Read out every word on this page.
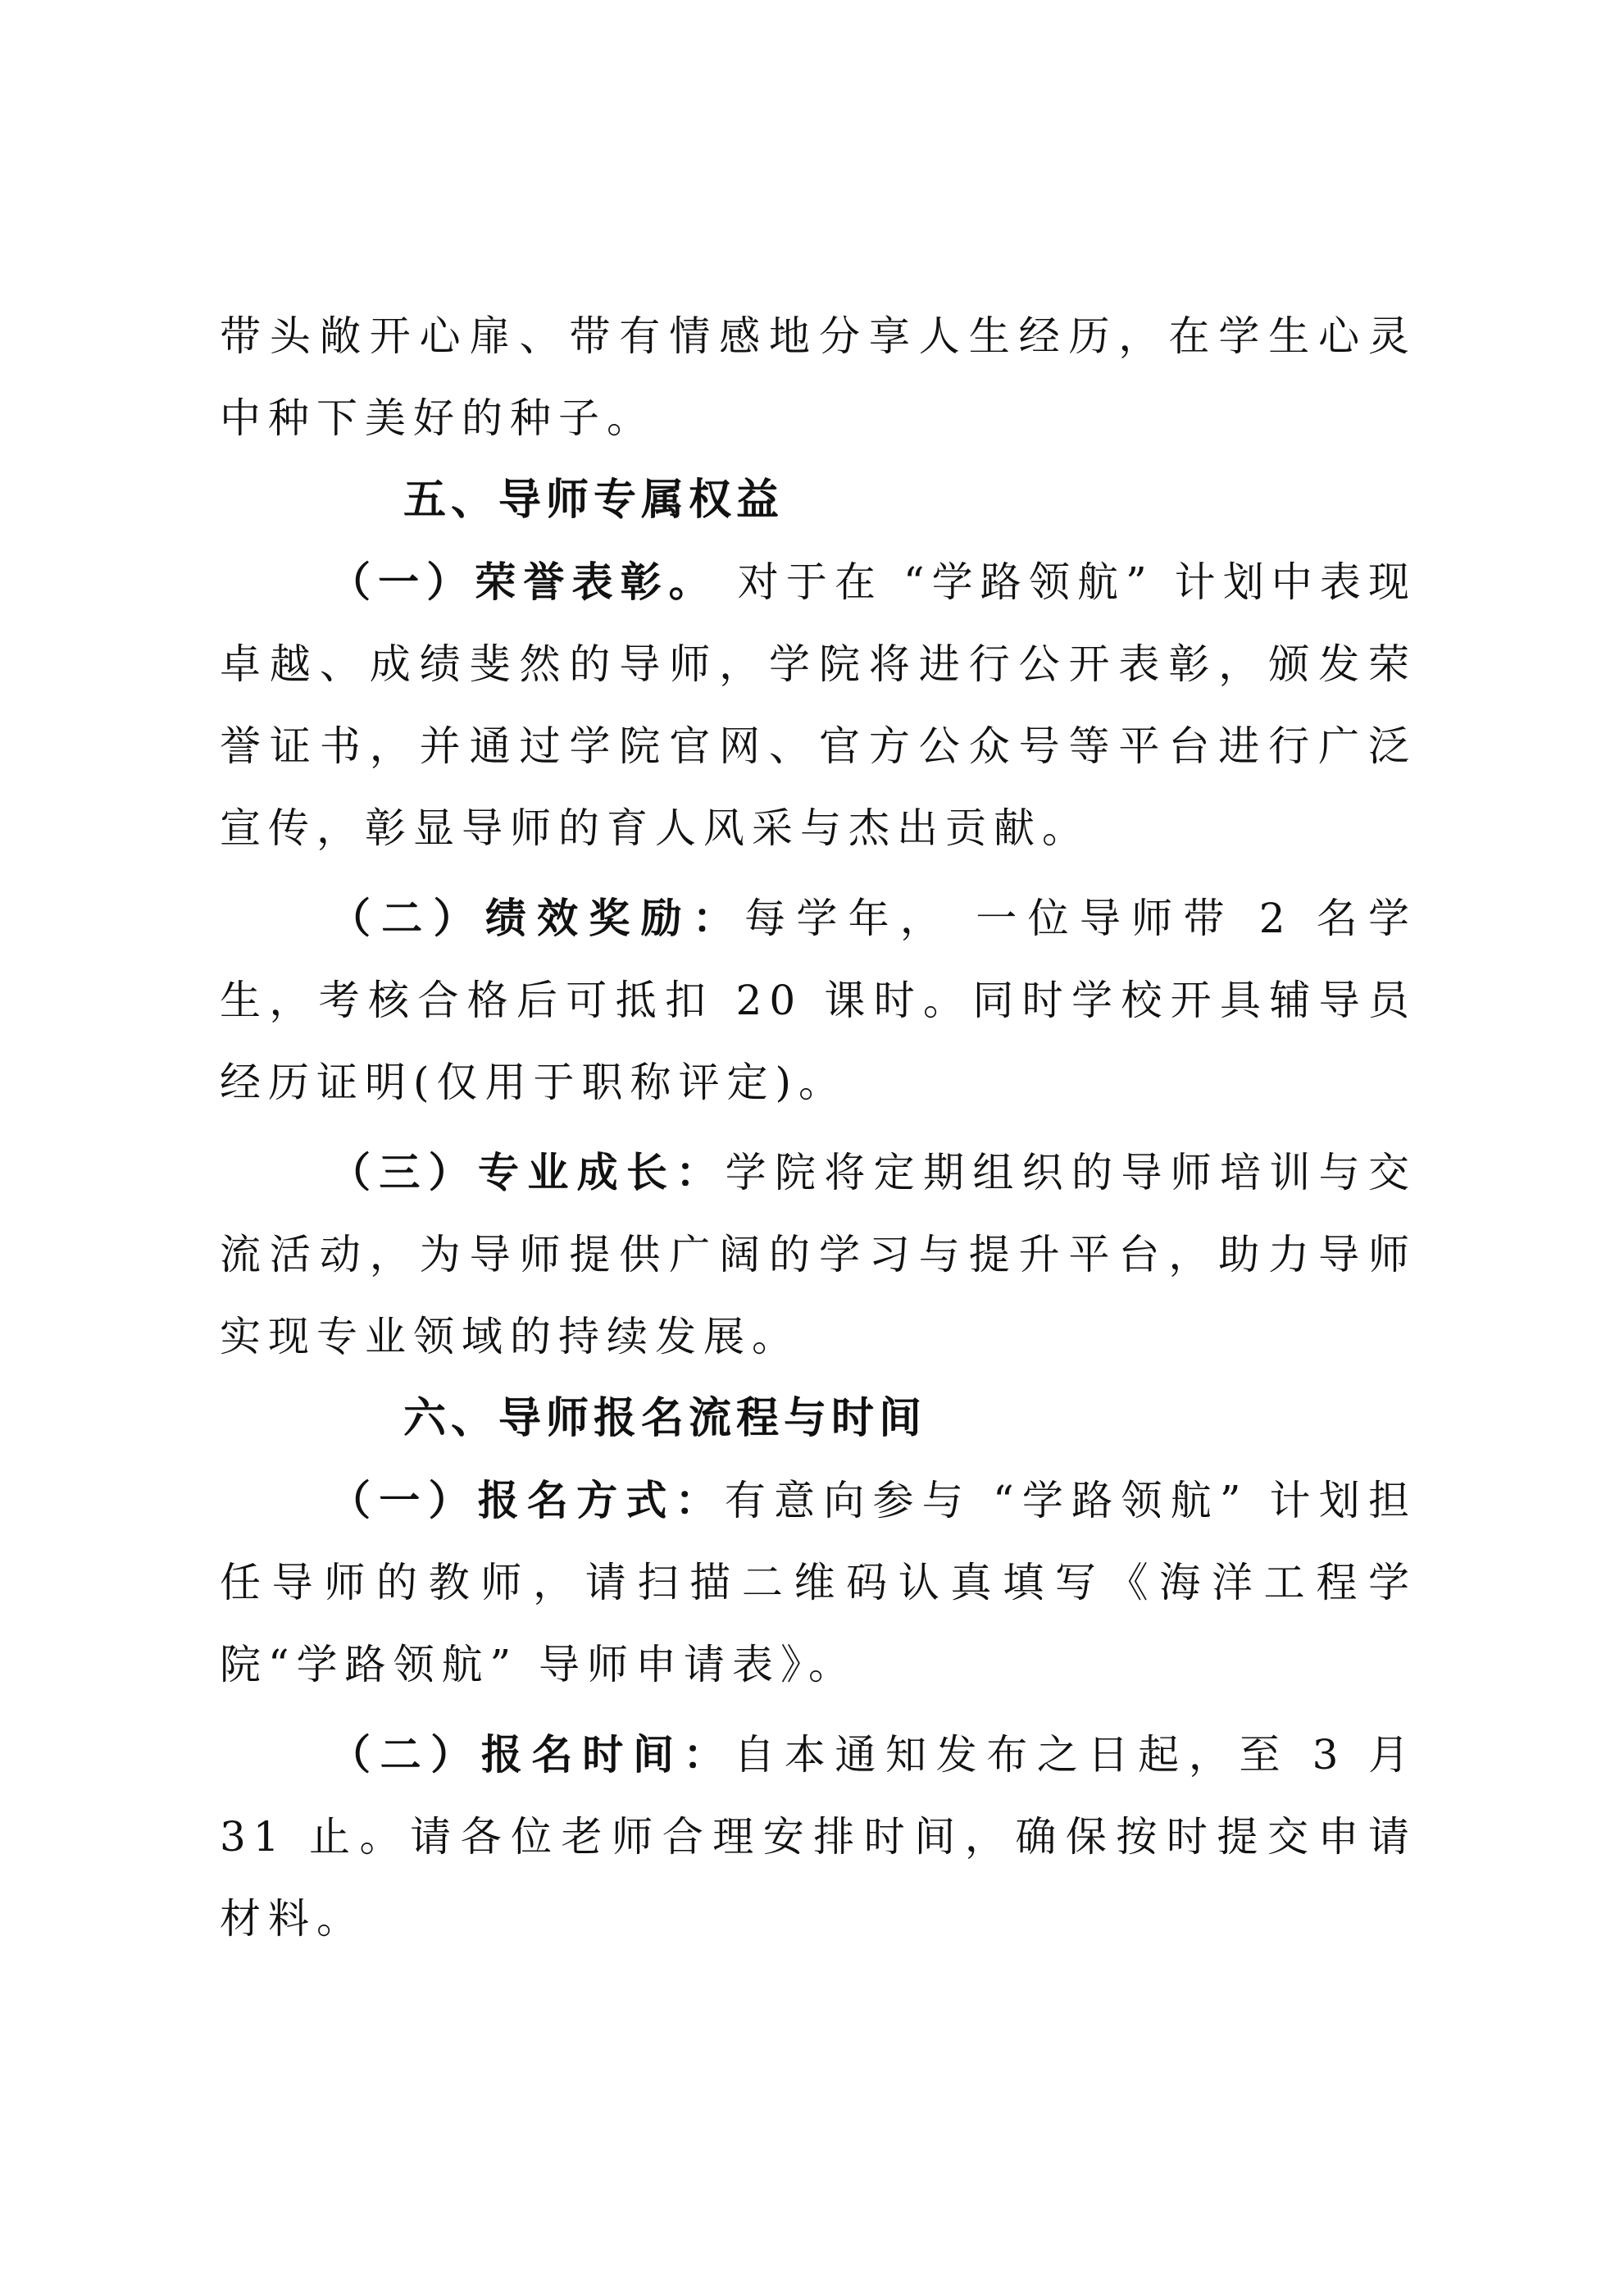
带头敞开心扉、带有情感地分享人生经历，在学生心灵中种下美好的种子。

五、导师专属权益

（一）荣誉表彰。 对于在 “学路领航” 计划中表现卓越、成绩斐然的导师，学院将进行公开表彰，颁发荣誉证书，并通过学院官网、官方公众号等平台进行广泛宣传，彰显导师的育人风采与杰出贡献。

（二）绩效奖励：每学年， 一位导师带 2 名学生，考核合格后可抵扣 20 课时。同时学校开具辅导员经历证明(仅用于职称评定)。

（三）专业成长：学院将定期组织的导师培训与交流活动，为导师提供广阔的学习与提升平台，助力导师实现专业领域的持续发展。

六、导师报名流程与时间

（一）报名方式：有意向参与 “学路领航” 计划担任导师的教师，请扫描二维码认真填写《海洋工程学院“学路领航” 导师申请表》。

（二）报名时间：自本通知发布之日起，至 3 月 31 止。请各位老师合理安排时间，确保按时提交申请材料。
